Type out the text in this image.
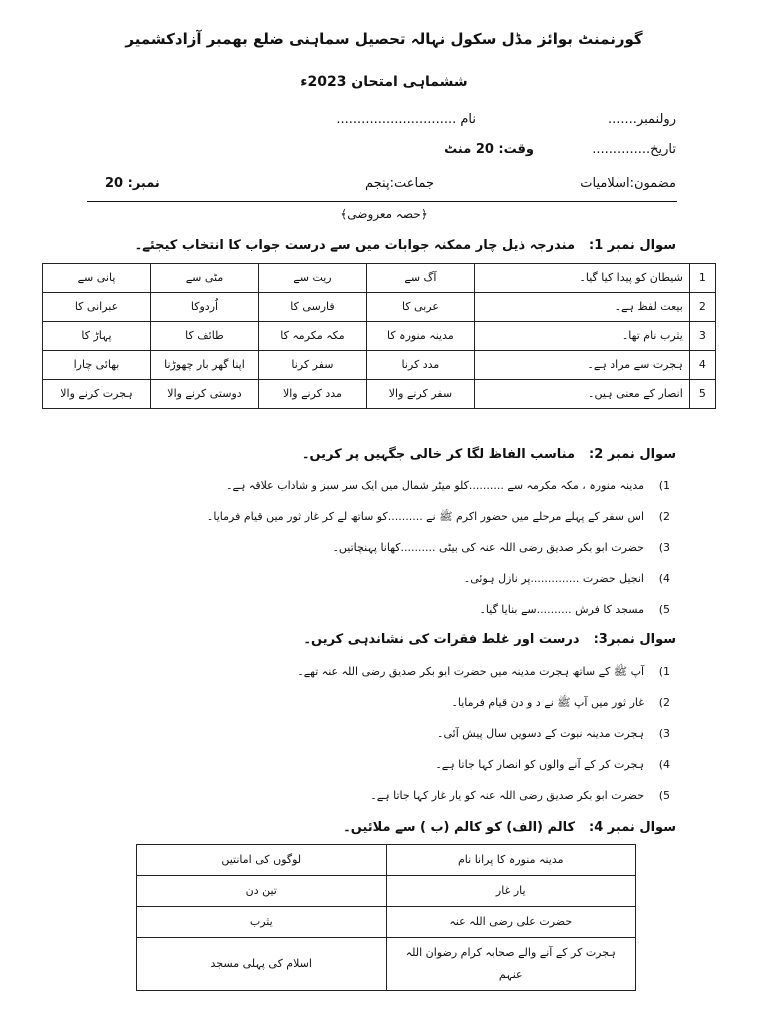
گورنمنٹ بوائز مڈل سکول نہالہ تحصیل سماہنی ضلع بھمبر آزادکشمیر
ششماہی امتحان 2023ء
رولنمبر.......
نام .............................
تاریخ..............
وقت: 20 منٹ
مضمون:اسلامیات
جماعت:پنجم
نمبر: 20
﴿حصہ معروضی﴾
سوال نمبر 1:مندرجہ ذیل چار ممکنہ جوابات میں سے درست جواب کا انتخاب کیجئے۔
1	شیطان کو پیدا کیا گیا۔	آگ سے	ریت سے	مٹی سے	پانی سے
2	بیعت لفظ ہے۔	عربی کا	فارسی کا	اُردوکا	عبرانی کا
3	یثرب نام تھا۔	مدینہ منورہ کا	مکہ مکرمہ کا	طائف کا	پہاڑ کا
4	ہجرت سے مراد ہے۔	مدد کرنا	سفر کرنا	اپنا گھر بار چھوڑنا	بھائی چارا
5	انصار کے معنی ہیں۔	سفر کرنے والا	مدد کرنے والا	دوستی کرنے والا	ہجرت کرنے والا
سوال نمبر 2:مناسب الفاظ لگا کر خالی جگہیں پر کریں۔
1)مدینہ منورہ ، مکہ مکرمہ سے ..........کلو میٹر شمال میں ایک سر سبز و شاداب علاقہ ہے۔
2)اس سفر کے پہلے مرحلے میں حضور اکرم ﷺ نے ..........کو ساتھ لے کر غار ثور میں قیام فرمایا۔
3)حضرت ابو بکر صدیق رضی اللہ عنہ کی بیٹی ..........کھانا پہنچاتیں۔
4)انجیل حضرت ..............پر نازل ہوئی۔
5)مسجد کا فرش ..........سے بنایا گیا۔
سوال نمبر3:درست اور غلط فقرات کی نشاندہی کریں۔
1)آپ ﷺ کے ساتھ ہجرت مدینہ میں حضرت ابو بکر صدیق رضی اللہ عنہ تھے۔
2)غار ثور میں آپ ﷺ نے د و دن قیام فرمایا۔
3)ہجرت مدینہ نبوت کے دسویں سال پیش آئی۔
4)ہجرت کر کے آنے والوں کو انصار کہا جاتا ہے۔
5)حضرت ابو بکر صدیق رضی اللہ عنہ کو یار غار کہا جاتا ہے۔
سوال نمبر 4:کالم (الف) کو کالم (ب ) سے ملائیں۔
مدینہ منورہ کا پرانا نام	لوگوں کی امانتیں
یار غار	تین دن
حضرت علی رضی اللہ عنہ	یثرب
ہجرت کر کے آنے والے صحابہ کرام رضوان اللہ عنہم	اسلام کی پہلی مسجد
